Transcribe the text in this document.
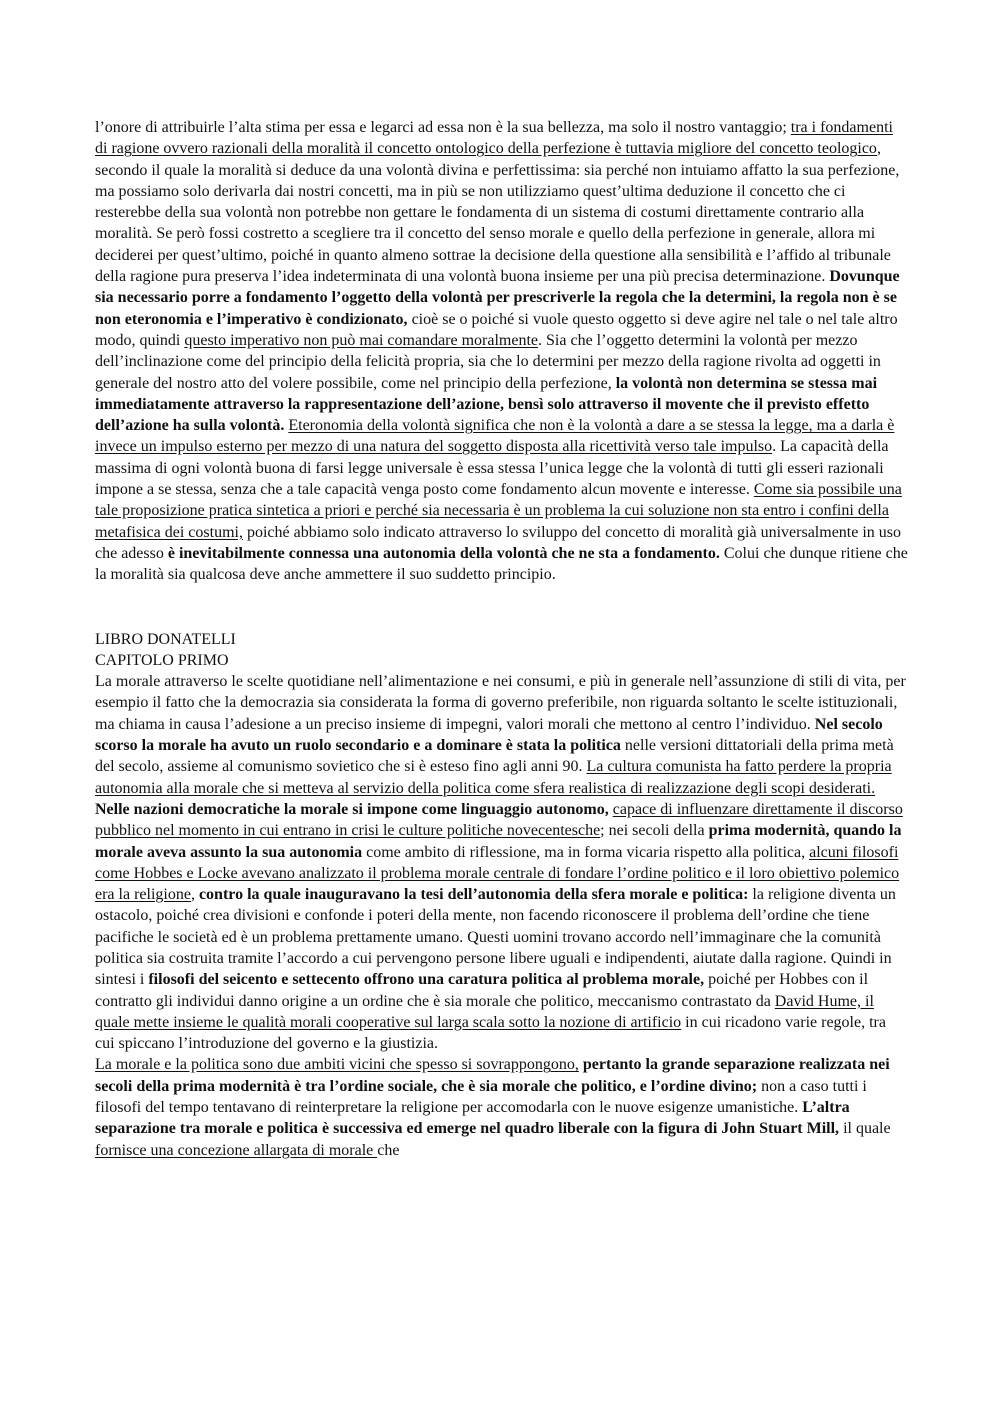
l’onore di attribuirle l’alta stima per essa e legarci ad essa non è la sua bellezza, ma solo il nostro vantaggio; tra i fondamenti di ragione ovvero razionali della moralità il concetto ontologico della perfezione è tuttavia migliore del concetto teologico, secondo il quale la moralità si deduce da una volontà divina e perfettissima: sia perché non intuiamo affatto la sua perfezione, ma possiamo solo derivarla dai nostri concetti, ma in più se non utilizziamo quest’ultima deduzione il concetto che ci resterebbe della sua volontà non potrebbe non gettare le fondamenta di un sistema di costumi direttamente contrario alla moralità. Se però fossi costretto a scegliere tra il concetto del senso morale e quello della perfezione in generale, allora mi deciderei per quest’ultimo, poiché in quanto almeno sottrae la decisione della questione alla sensibilità e l’affido al tribunale della ragione pura preserva l’idea indeterminata di una volontà buona insieme per una più precisa determinazione. Dovunque sia necessario porre a fondamento l’oggetto della volontà per prescriverle la regola che la determini, la regola non è se non eteronomia e l’imperativo è condizionato, cioè se o poiché si vuole questo oggetto si deve agire nel tale o nel tale altro modo, quindi questo imperativo non può mai comandare moralmente. Sia che l’oggetto determini la volontà per mezzo dell’inclinazione come del principio della felicità propria, sia che lo determini per mezzo della ragione rivolta ad oggetti in generale del nostro atto del volere possibile, come nel principio della perfezione, la volontà non determina se stessa mai immediatamente attraverso la rappresentazione dell’azione, bensì solo attraverso il movente che il previsto effetto dell’azione ha sulla volontà. Eteronomia della volontà significa che non è la volontà a dare a se stessa la legge, ma a darla è invece un impulso esterno per mezzo di una natura del soggetto disposta alla ricettività verso tale impulso. La capacità della massima di ogni volontà buona di farsi legge universale è essa stessa l’unica legge che la volontà di tutti gli esseri razionali impone a se stessa, senza che a tale capacità venga posto come fondamento alcun movente e interesse. Come sia possibile una tale proposizione pratica sintetica a priori e perché sia necessaria è un problema la cui soluzione non sta entro i confini della metafisica dei costumi, poiché abbiamo solo indicato attraverso lo sviluppo del concetto di moralità già universalmente in uso che adesso è inevitabilmente connessa una autonomia della volontà che ne sta a fondamento. Colui che dunque ritiene che la moralità sia qualcosa deve anche ammettere il suo suddetto principio.

LIBRO DONATELLI
CAPITOLO PRIMO

La morale attraverso le scelte quotidiane nell’alimentazione e nei consumi, e più in generale nell’assunzione di stili di vita, per esempio il fatto che la democrazia sia considerata la forma di governo preferibile, non riguarda soltanto le scelte istituzionali, ma chiama in causa l’adesione a un preciso insieme di impegni, valori morali che mettono al centro l’individuo. Nel secolo scorso la morale ha avuto un ruolo secondario e a dominare è stata la politica nelle versioni dittatoriali della prima metà del secolo, assieme al comunismo sovietico che si è esteso fino agli anni 90. La cultura comunista ha fatto perdere la propria autonomia alla morale che si metteva al servizio della politica come sfera realistica di realizzazione degli scopi desiderati. Nelle nazioni democratiche la morale si impone come linguaggio autonomo, capace di influenzare direttamente il discorso pubblico nel momento in cui entrano in crisi le culture politiche novecentesche; nei secoli della prima modernità, quando la morale aveva assunto la sua autonomia come ambito di riflessione, ma in forma vicaria rispetto alla politica, alcuni filosofi come Hobbes e Locke avevano analizzato il problema morale centrale di fondare l’ordine politico e il loro obiettivo polemico era la religione, contro la quale inauguravano la tesi dell’autonomia della sfera morale e politica: la religione diventa un ostacolo, poiché crea divisioni e confonde i poteri della mente, non facendo riconoscere il problema dell’ordine che tiene pacifiche le società ed è un problema prettamente umano. Questi uomini trovano accordo nell’immaginare che la comunità politica sia costruita tramite l’accordo a cui pervengono persone libere uguali e indipendenti, aiutate dalla ragione. Quindi in sintesi i filosofi del seicento e settecento offrono una caratura politica al problema morale, poiché per Hobbes con il contratto gli individui danno origine a un ordine che è sia morale che politico, meccanismo contrastato da David Hume, il quale mette insieme le qualità morali cooperative sul larga scala sotto la nozione di artificio in cui ricadono varie regole, tra cui spiccano l’introduzione del governo e la giustizia.

La morale e la politica sono due ambiti vicini che spesso si sovrappongono, pertanto la grande separazione realizzata nei secoli della prima modernità è tra l’ordine sociale, che è sia morale che politico, e l’ordine divino; non a caso tutti i filosofi del tempo tentavano di reinterpretare la religione per accomodarla con le nuove esigenze umanistiche. L’altra separazione tra morale e politica è successiva ed emerge nel quadro liberale con la figura di John Stuart Mill, il quale fornisce una concezione allargata di morale che
